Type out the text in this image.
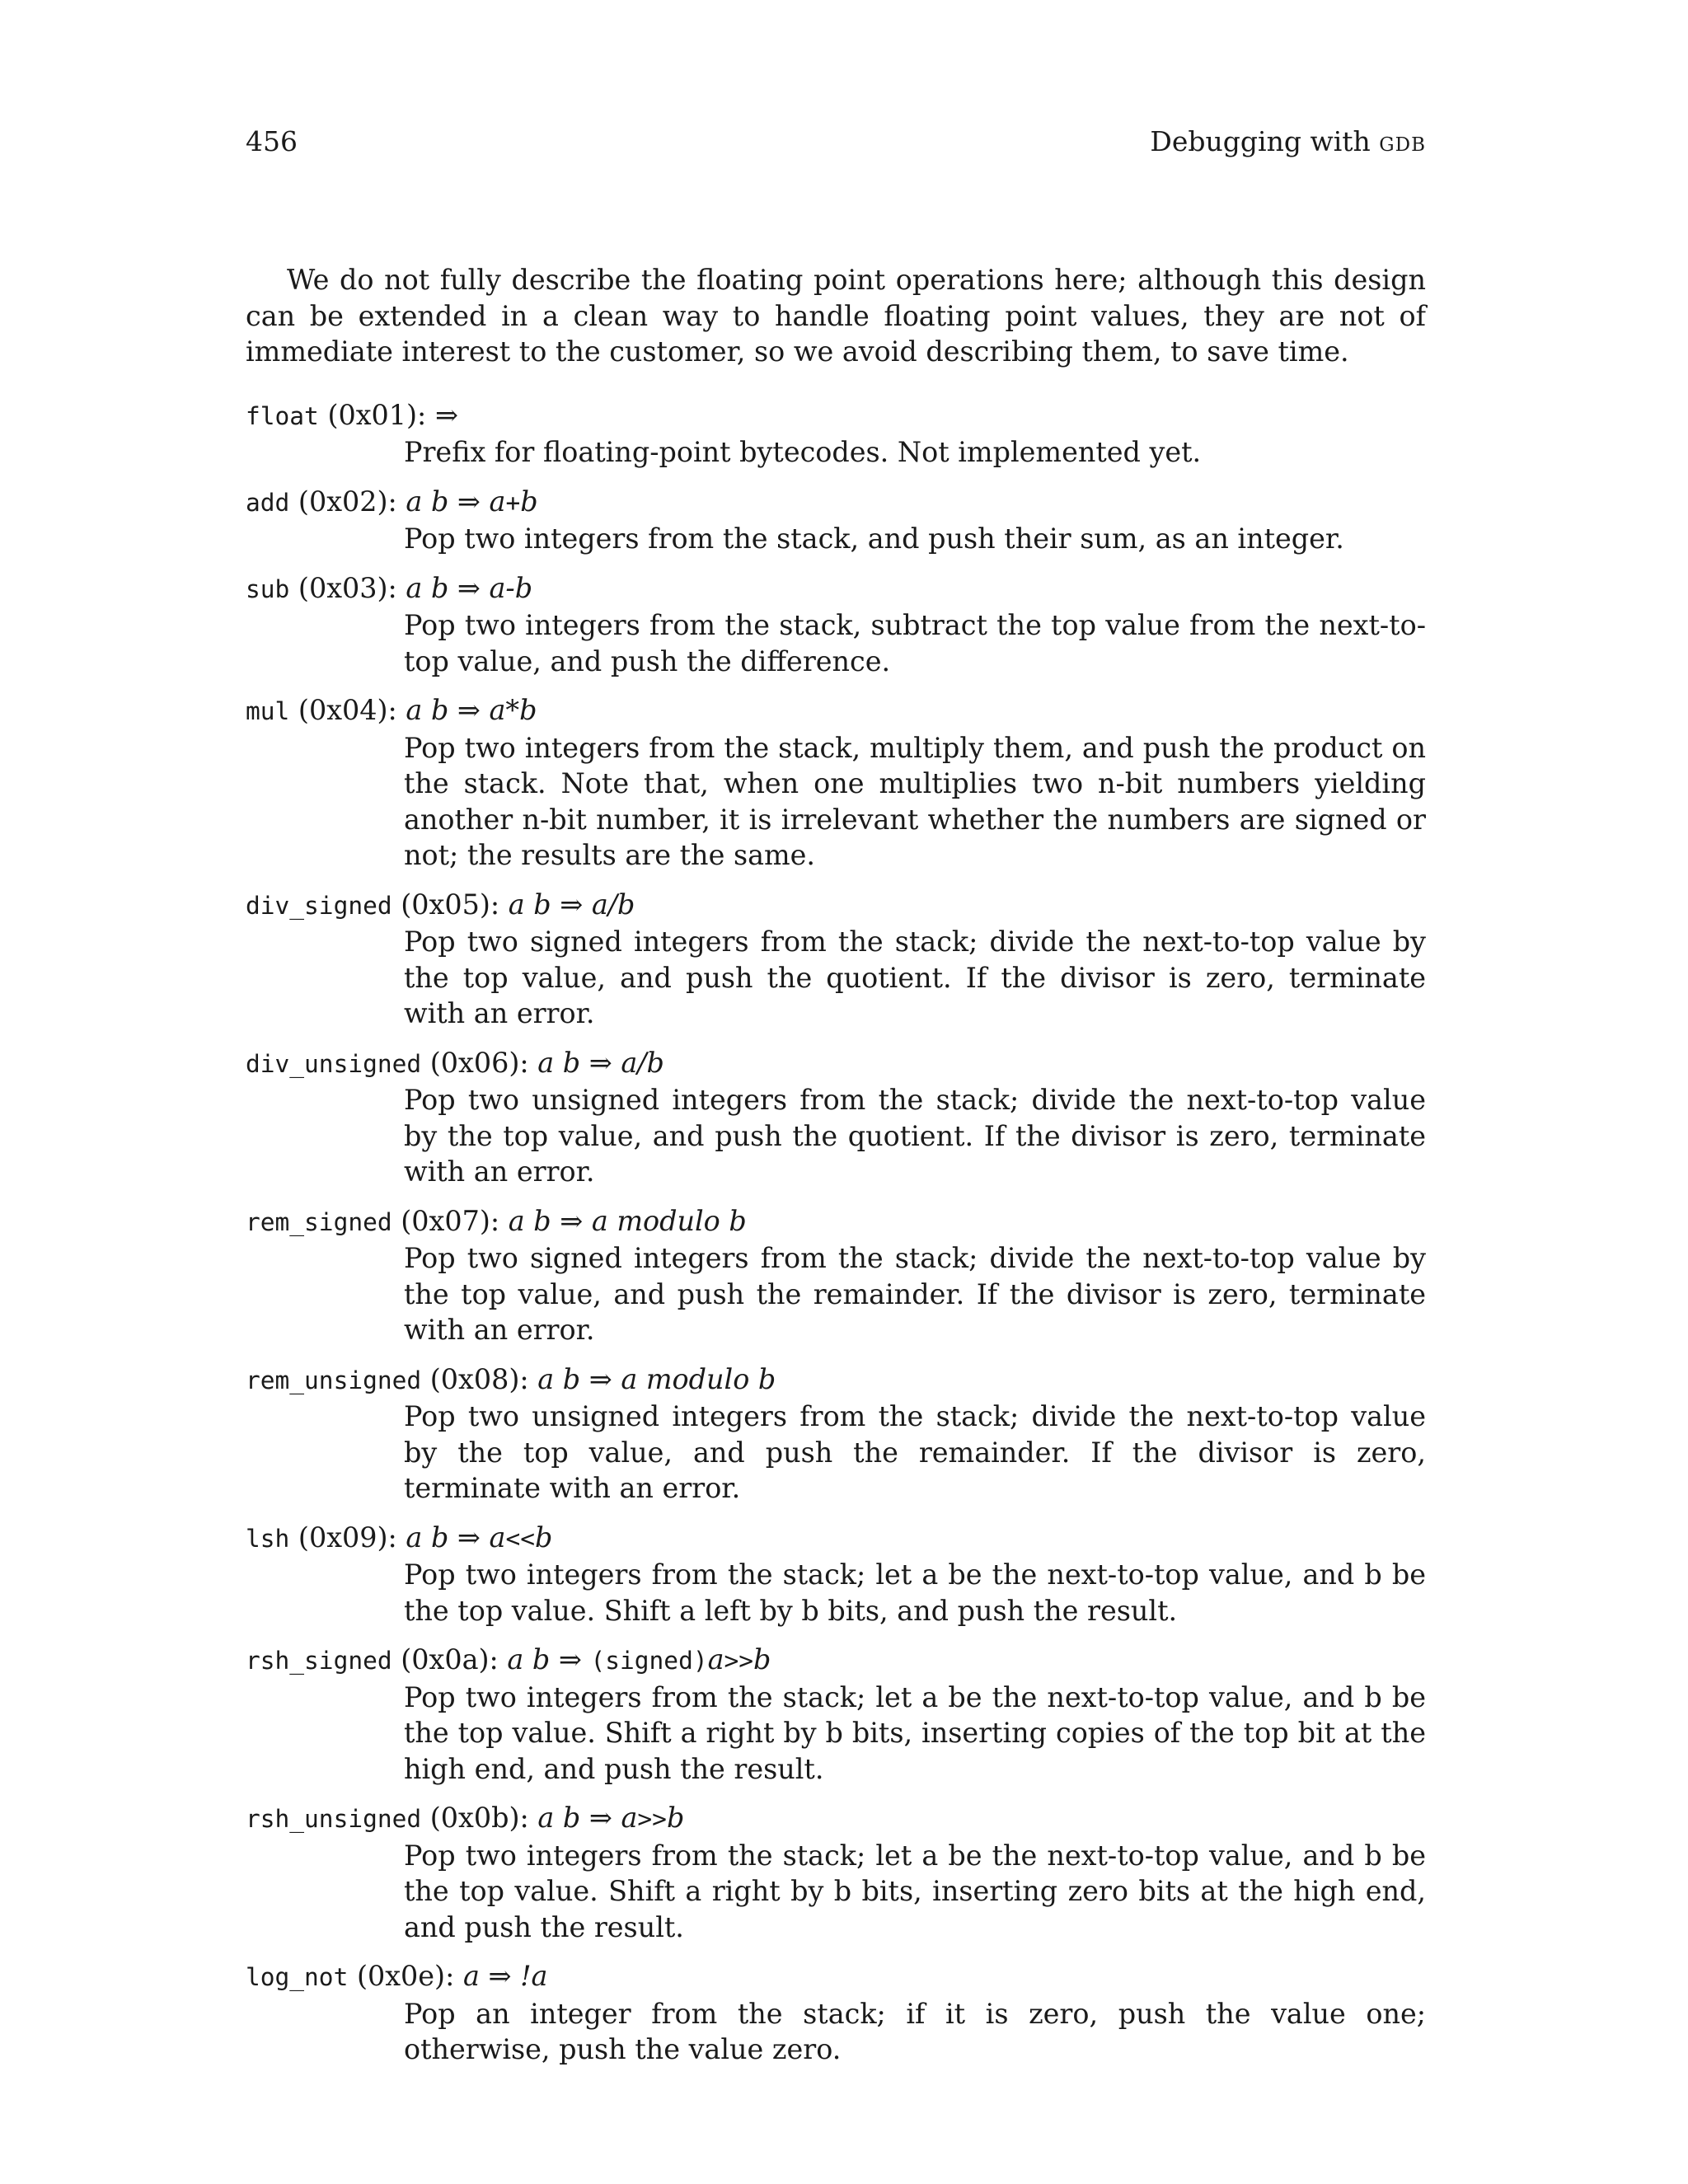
456	Debugging with gdb

We do not fully describe the floating point operations here; although this design can be extended in a clean way to handle floating point values, they are not of immediate interest to the customer, so we avoid describing them, to save time.

float (0x01): ⇒
Prefix for floating-point bytecodes. Not implemented yet.
add (0x02): a b ⇒ a+b
Pop two integers from the stack, and push their sum, as an integer.
sub (0x03): a b ⇒ a-b
Pop two integers from the stack, subtract the top value from the next-to-top value, and push the difference.
mul (0x04): a b ⇒ a*b
Pop two integers from the stack, multiply them, and push the product on the stack. Note that, when one multiplies two n-bit numbers yielding another n-bit number, it is irrelevant whether the numbers are signed or not; the results are the same.
div_signed (0x05): a b ⇒ a/b
Pop two signed integers from the stack; divide the next-to-top value by the top value, and push the quotient. If the divisor is zero, terminate with an error.
div_unsigned (0x06): a b ⇒ a/b
Pop two unsigned integers from the stack; divide the next-to-top value by the top value, and push the quotient. If the divisor is zero, terminate with an error.
rem_signed (0x07): a b ⇒ a modulo b
Pop two signed integers from the stack; divide the next-to-top value by the top value, and push the remainder. If the divisor is zero, terminate with an error.
rem_unsigned (0x08): a b ⇒ a modulo b
Pop two unsigned integers from the stack; divide the next-to-top value by the top value, and push the remainder. If the divisor is zero, terminate with an error.
lsh (0x09): a b ⇒ a<<b
Pop two integers from the stack; let a be the next-to-top value, and b be the top value. Shift a left by b bits, and push the result.
rsh_signed (0x0a): a b ⇒ (signed)a>>b
Pop two integers from the stack; let a be the next-to-top value, and b be the top value. Shift a right by b bits, inserting copies of the top bit at the high end, and push the result.
rsh_unsigned (0x0b): a b ⇒ a>>b
Pop two integers from the stack; let a be the next-to-top value, and b be the top value. Shift a right by b bits, inserting zero bits at the high end, and push the result.
log_not (0x0e): a ⇒ !a
Pop an integer from the stack; if it is zero, push the value one; otherwise, push the value zero.
